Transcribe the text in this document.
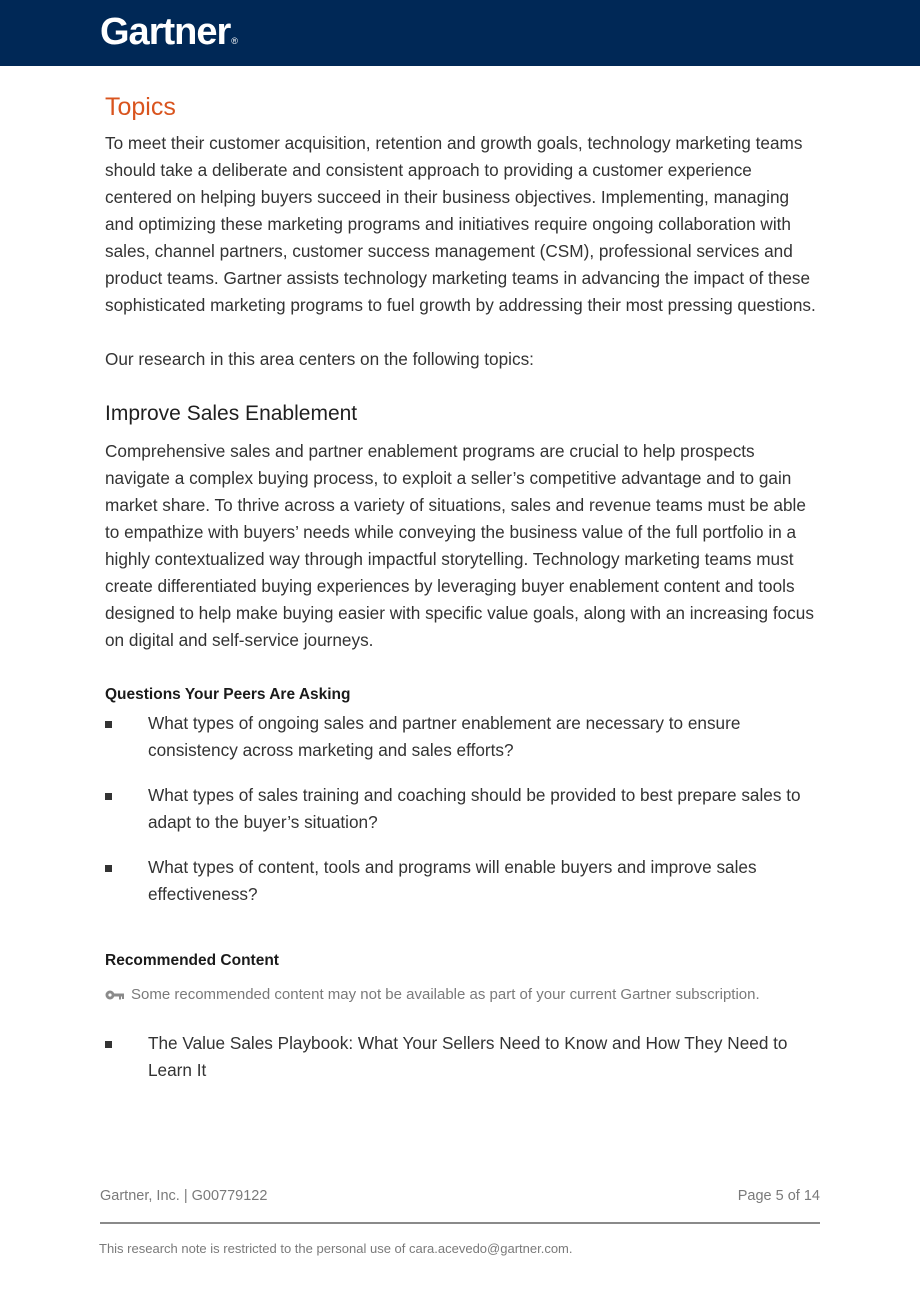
Gartner®
Topics

To meet their customer acquisition, retention and growth goals, technology marketing teams should take a deliberate and consistent approach to providing a customer experience centered on helping buyers succeed in their business objectives. Implementing, managing and optimizing these marketing programs and initiatives require ongoing collaboration with sales, channel partners, customer success management (CSM), professional services and product teams. Gartner assists technology marketing teams in advancing the impact of these sophisticated marketing programs to fuel growth by addressing their most pressing questions.

Our research in this area centers on the following topics:

Improve Sales Enablement

Comprehensive sales and partner enablement programs are crucial to help prospects navigate a complex buying process, to exploit a seller’s competitive advantage and to gain market share. To thrive across a variety of situations, sales and revenue teams must be able to empathize with buyers’ needs while conveying the business value of the full portfolio in a highly contextualized way through impactful storytelling. Technology marketing teams must create differentiated buying experiences by leveraging buyer enablement content and tools designed to help make buying easier with specific value goals, along with an increasing focus on digital and self-service journeys.

Questions Your Peers Are Asking
What types of ongoing sales and partner enablement are necessary to ensure consistency across marketing and sales efforts?
What types of sales training and coaching should be provided to best prepare sales to adapt to the buyer’s situation?
What types of content, tools and programs will enable buyers and improve sales effectiveness?
Recommended Content
Some recommended content may not be available as part of your current Gartner subscription.
The Value Sales Playbook: What Your Sellers Need to Know and How They Need to Learn It
Gartner, Inc. | G00779122	Page 5 of 14
This research note is restricted to the personal use of cara.acevedo@gartner.com.
